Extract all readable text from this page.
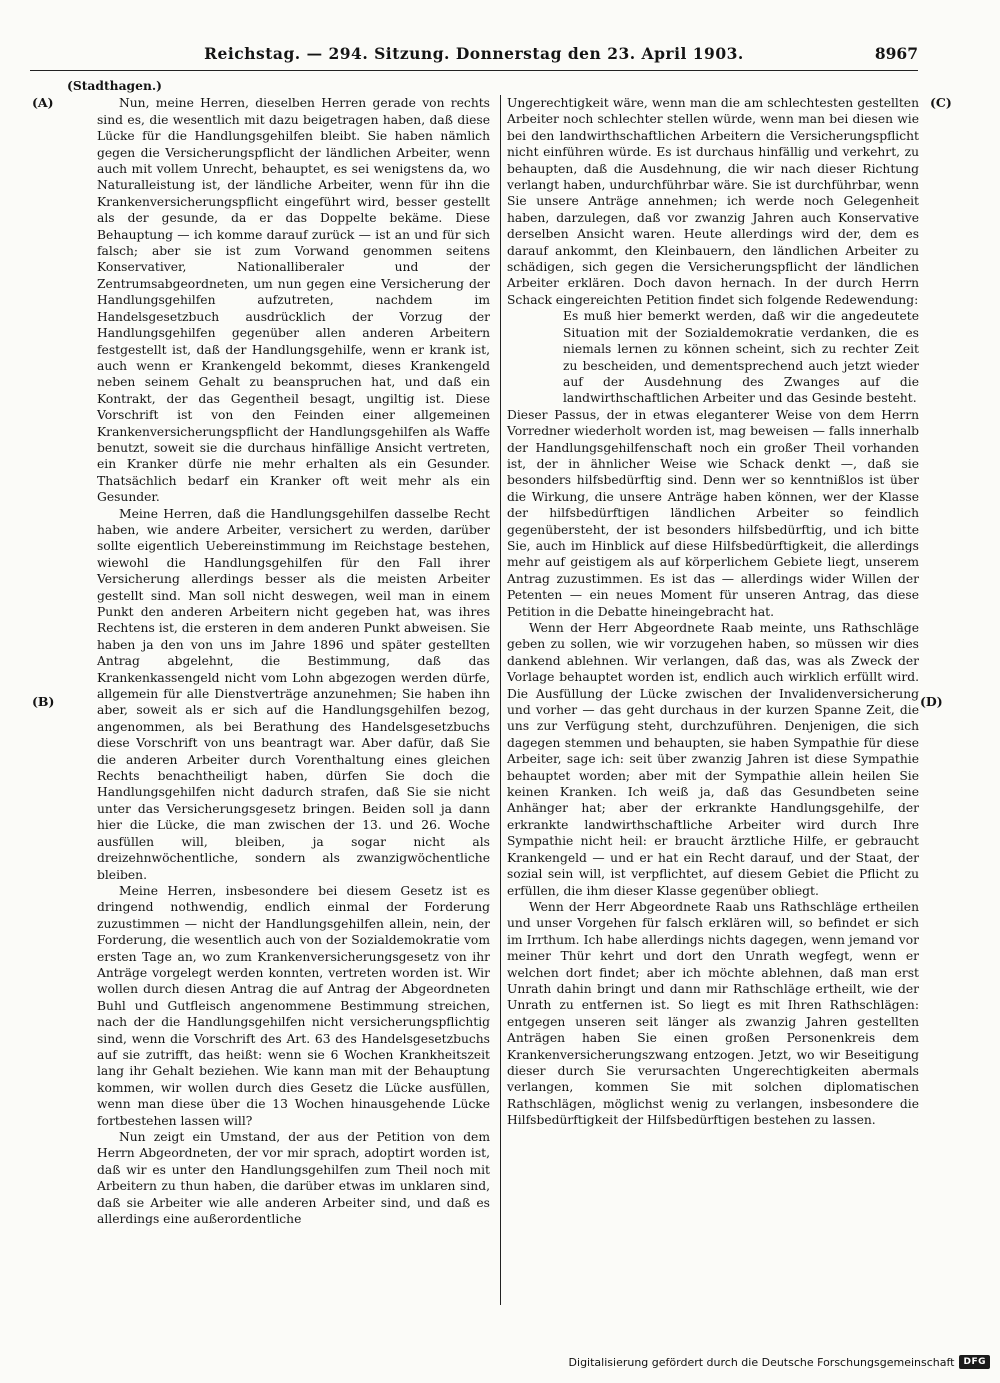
Reichstag. — 294. Sitzung. Donnerstag den 23. April 1903.	8967
(A)
(B)
(C)
(D)
(Stadthagen.)

Nun, meine Herren, dieselben Herren gerade von rechts sind es, die wesentlich mit dazu beigetragen haben, daß diese Lücke für die Handlungsgehilfen bleibt. Sie haben nämlich gegen die Versicherungspflicht der ländlichen Arbeiter, wenn auch mit vollem Unrecht, behauptet, es sei wenigstens da, wo Naturalleistung ist, der ländliche Arbeiter, wenn für ihn die Krankenversicherungspflicht eingeführt wird, besser gestellt als der gesunde, da er das Doppelte bekäme. Diese Behauptung — ich komme darauf zurück — ist an und für sich falsch; aber sie ist zum Vorwand genommen seitens Konservativer, Nationalliberaler und der Zentrumsabgeordneten, um nun gegen eine Versicherung der Handlungsgehilfen aufzutreten, nachdem im Handelsgesetzbuch ausdrücklich der Vorzug der Handlungsgehilfen gegenüber allen anderen Arbeitern festgestellt ist, daß der Handlungsgehilfe, wenn er krank ist, auch wenn er Krankengeld bekommt, dieses Krankengeld neben seinem Gehalt zu beanspruchen hat, und daß ein Kontrakt, der das Gegentheil besagt, ungiltig ist. Diese Vorschrift ist von den Feinden einer allgemeinen Krankenversicherungspflicht der Handlungsgehilfen als Waffe benutzt, soweit sie die durchaus hinfällige Ansicht vertreten, ein Kranker dürfe nie mehr erhalten als ein Gesunder. Thatsächlich bedarf ein Kranker oft weit mehr als ein Gesunder.

Meine Herren, daß die Handlungsgehilfen dasselbe Recht haben, wie andere Arbeiter, versichert zu werden, darüber sollte eigentlich Uebereinstimmung im Reichstage bestehen, wiewohl die Handlungsgehilfen für den Fall ihrer Versicherung allerdings besser als die meisten Arbeiter gestellt sind. Man soll nicht deswegen, weil man in einem Punkt den anderen Arbeitern nicht gegeben hat, was ihres Rechtens ist, die ersteren in dem anderen Punkt abweisen. Sie haben ja den von uns im Jahre 1896 und später gestellten Antrag abgelehnt, die Bestimmung, daß das Krankenkassengeld nicht vom Lohn abgezogen werden dürfe, allgemein für alle Dienstverträge anzunehmen; Sie haben ihn aber, soweit als er sich auf die Handlungsgehilfen bezog, angenommen, als bei Berathung des Handelsgesetzbuchs diese Vorschrift von uns beantragt war. Aber dafür, daß Sie die anderen Arbeiter durch Vorenthaltung eines gleichen Rechts benachtheiligt haben, dürfen Sie doch die Handlungsgehilfen nicht dadurch strafen, daß Sie sie nicht unter das Versicherungsgesetz bringen. Beiden soll ja dann hier die Lücke, die man zwischen der 13. und 26. Woche ausfüllen will, bleiben, ja sogar nicht als dreizehnwöchentliche, sondern als zwanzigwöchentliche bleiben.

Meine Herren, insbesondere bei diesem Gesetz ist es dringend nothwendig, endlich einmal der Forderung zuzustimmen — nicht der Handlungsgehilfen allein, nein, der Forderung, die wesentlich auch von der Sozialdemokratie vom ersten Tage an, wo zum Krankenversicherungsgesetz von ihr Anträge vorgelegt werden konnten, vertreten worden ist. Wir wollen durch diesen Antrag die auf Antrag der Abgeordneten Buhl und Gutfleisch angenommene Bestimmung streichen, nach der die Handlungsgehilfen nicht versicherungspflichtig sind, wenn die Vorschrift des Art. 63 des Handelsgesetzbuchs auf sie zutrifft, das heißt: wenn sie 6 Wochen Krankheitszeit lang ihr Gehalt beziehen. Wie kann man mit der Behauptung kommen, wir wollen durch dies Gesetz die Lücke ausfüllen, wenn man diese über die 13 Wochen hinausgehende Lücke fortbestehen lassen will?

Nun zeigt ein Umstand, der aus der Petition von dem Herrn Abgeordneten, der vor mir sprach, adoptirt worden ist, daß wir es unter den Handlungsgehilfen zum Theil noch mit Arbeitern zu thun haben, die darüber etwas im unklaren sind, daß sie Arbeiter wie alle anderen Arbeiter sind, und daß es allerdings eine außerordentliche

Ungerechtigkeit wäre, wenn man die am schlechtesten gestellten Arbeiter noch schlechter stellen würde, wenn man bei diesen wie bei den landwirthschaftlichen Arbeitern die Versicherungspflicht nicht einführen würde. Es ist durchaus hinfällig und verkehrt, zu behaupten, daß die Ausdehnung, die wir nach dieser Richtung verlangt haben, undurchführbar wäre. Sie ist durchführbar, wenn Sie unsere Anträge annehmen; ich werde noch Gelegenheit haben, darzulegen, daß vor zwanzig Jahren auch Konservative derselben Ansicht waren. Heute allerdings wird der, dem es darauf ankommt, den Kleinbauern, den ländlichen Arbeiter zu schädigen, sich gegen die Versicherungspflicht der ländlichen Arbeiter erklären. Doch davon hernach. In der durch Herrn Schack eingereichten Petition findet sich folgende Redewendung:

Es muß hier bemerkt werden, daß wir die angedeutete Situation mit der Sozialdemokratie verdanken, die es niemals lernen zu können scheint, sich zu rechter Zeit zu bescheiden, und dementsprechend auch jetzt wieder auf der Ausdehnung des Zwanges auf die landwirthschaftlichen Arbeiter und das Gesinde besteht.

Dieser Passus, der in etwas eleganterer Weise von dem Herrn Vorredner wiederholt worden ist, mag beweisen — falls innerhalb der Handlungsgehilfenschaft noch ein großer Theil vorhanden ist, der in ähnlicher Weise wie Schack denkt —, daß sie besonders hilfsbedürftig sind. Denn wer so kenntnißlos ist über die Wirkung, die unsere Anträge haben können, wer der Klasse der hilfsbedürftigen ländlichen Arbeiter so feindlich gegenübersteht, der ist besonders hilfsbedürftig, und ich bitte Sie, auch im Hinblick auf diese Hilfsbedürftigkeit, die allerdings mehr auf geistigem als auf körperlichem Gebiete liegt, unserem Antrag zuzustimmen. Es ist das — allerdings wider Willen der Petenten — ein neues Moment für unseren Antrag, das diese Petition in die Debatte hineingebracht hat.

Wenn der Herr Abgeordnete Raab meinte, uns Rathschläge geben zu sollen, wie wir vorzugehen haben, so müssen wir dies dankend ablehnen. Wir verlangen, daß das, was als Zweck der Vorlage behauptet worden ist, endlich auch wirklich erfüllt wird. Die Ausfüllung der Lücke zwischen der Invalidenversicherung und vorher — das geht durchaus in der kurzen Spanne Zeit, die uns zur Verfügung steht, durchzuführen. Denjenigen, die sich dagegen stemmen und behaupten, sie haben Sympathie für diese Arbeiter, sage ich: seit über zwanzig Jahren ist diese Sympathie behauptet worden; aber mit der Sympathie allein heilen Sie keinen Kranken. Ich weiß ja, daß das Gesundbeten seine Anhänger hat; aber der erkrankte Handlungsgehilfe, der erkrankte landwirthschaftliche Arbeiter wird durch Ihre Sympathie nicht heil: er braucht ärztliche Hilfe, er gebraucht Krankengeld — und er hat ein Recht darauf, und der Staat, der sozial sein will, ist verpflichtet, auf diesem Gebiet die Pflicht zu erfüllen, die ihm dieser Klasse gegenüber obliegt.

Wenn der Herr Abgeordnete Raab uns Rathschläge ertheilen und unser Vorgehen für falsch erklären will, so befindet er sich im Irrthum. Ich habe allerdings nichts dagegen, wenn jemand vor meiner Thür kehrt und dort den Unrath wegfegt, wenn er welchen dort findet; aber ich möchte ablehnen, daß man erst Unrath dahin bringt und dann mir Rathschläge ertheilt, wie der Unrath zu entfernen ist. So liegt es mit Ihren Rathschlägen: entgegen unseren seit länger als zwanzig Jahren gestellten Anträgen haben Sie einen großen Personenkreis dem Krankenversicherungszwang entzogen. Jetzt, wo wir Beseitigung dieser durch Sie verursachten Ungerechtigkeiten abermals verlangen, kommen Sie mit solchen diplomatischen Rathschlägen, möglichst wenig zu verlangen, insbesondere die Hilfsbedürftigkeit der Hilfsbedürftigen bestehen zu lassen.

Digitalisierung gefördert durch die Deutsche Forschungsgemeinschaft	DFG
